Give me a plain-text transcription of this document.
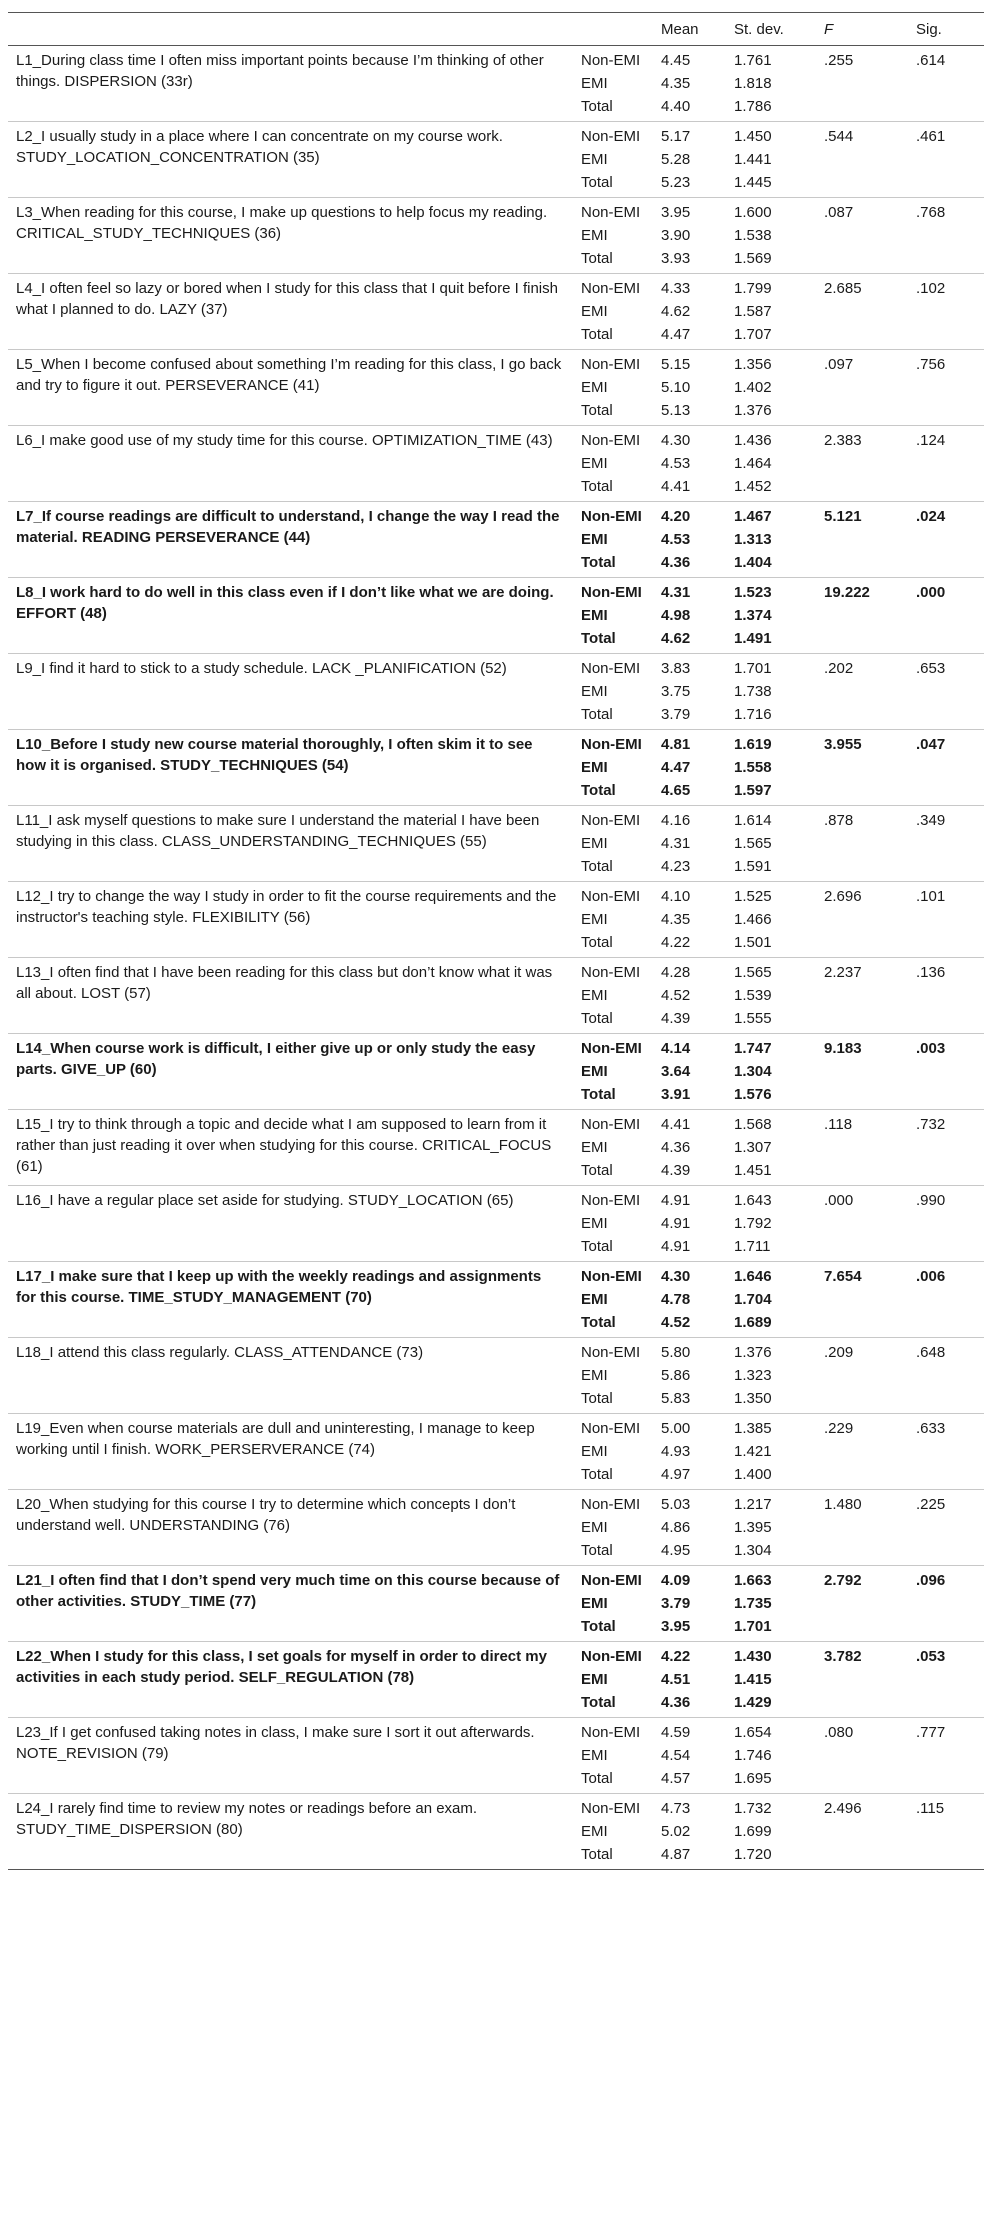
		Mean	St. dev.	F	Sig.
L1_During class time I often miss important points because I’m thinking of other things. DISPERSION (33r)	Non-EMI	4.45	1.761	.255	.614
	EMI	4.35	1.818		
	Total	4.40	1.786		
L2_I usually study in a place where I can concentrate on my course work. STUDY_LOCATION_CONCENTRATION (35)	Non-EMI	5.17	1.450	.544	.461
	EMI	5.28	1.441		
	Total	5.23	1.445		
L3_When reading for this course, I make up questions to help focus my reading. CRITICAL_STUDY_TECHNIQUES (36)	Non-EMI	3.95	1.600	.087	.768
	EMI	3.90	1.538		
	Total	3.93	1.569		
L4_I often feel so lazy or bored when I study for this class that I quit before I finish what I planned to do. LAZY (37)	Non-EMI	4.33	1.799	2.685	.102
	EMI	4.62	1.587		
	Total	4.47	1.707		
L5_When I become confused about something I’m reading for this class, I go back and try to figure it out. PERSEVERANCE (41)	Non-EMI	5.15	1.356	.097	.756
	EMI	5.10	1.402		
	Total	5.13	1.376		
L6_I make good use of my study time for this course. OPTIMIZATION_TIME (43)	Non-EMI	4.30	1.436	2.383	.124
	EMI	4.53	1.464		
	Total	4.41	1.452		
L7_If course readings are difficult to understand, I change the way I read the material. READING PERSEVERANCE (44)	Non-EMI	4.20	1.467	5.121	.024
	EMI	4.53	1.313		
	Total	4.36	1.404		
L8_I work hard to do well in this class even if I don’t like what we are doing. EFFORT (48)	Non-EMI	4.31	1.523	19.222	.000
	EMI	4.98	1.374		
	Total	4.62	1.491		
L9_I find it hard to stick to a study schedule. LACK _PLANIFICATION (52)	Non-EMI	3.83	1.701	.202	.653
	EMI	3.75	1.738		
	Total	3.79	1.716		
L10_Before I study new course material thoroughly, I often skim it to see how it is organised. STUDY_TECHNIQUES (54)	Non-EMI	4.81	1.619	3.955	.047
	EMI	4.47	1.558		
	Total	4.65	1.597		
L11_I ask myself questions to make sure I understand the material I have been studying in this class. CLASS_UNDERSTANDING_TECHNIQUES (55)	Non-EMI	4.16	1.614	.878	.349
	EMI	4.31	1.565		
	Total	4.23	1.591		
L12_I try to change the way I study in order to fit the course requirements and the instructor's teaching style. FLEXIBILITY (56)	Non-EMI	4.10	1.525	2.696	.101
	EMI	4.35	1.466		
	Total	4.22	1.501		
L13_I often find that I have been reading for this class but don’t know what it was all about. LOST (57)	Non-EMI	4.28	1.565	2.237	.136
	EMI	4.52	1.539		
	Total	4.39	1.555		
L14_When course work is difficult, I either give up or only study the easy parts. GIVE_UP (60)	Non-EMI	4.14	1.747	9.183	.003
	EMI	3.64	1.304		
	Total	3.91	1.576		
L15_I try to think through a topic and decide what I am supposed to learn from it rather than just reading it over when studying for this course. CRITICAL_FOCUS (61)	Non-EMI	4.41	1.568	.118	.732
	EMI	4.36	1.307		
	Total	4.39	1.451		
L16_I have a regular place set aside for studying. STUDY_LOCATION (65)	Non-EMI	4.91	1.643	.000	.990
	EMI	4.91	1.792		
	Total	4.91	1.711		
L17_I make sure that I keep up with the weekly readings and assignments for this course. TIME_STUDY_MANAGEMENT (70)	Non-EMI	4.30	1.646	7.654	.006
	EMI	4.78	1.704		
	Total	4.52	1.689		
L18_I attend this class regularly. CLASS_ATTENDANCE (73)	Non-EMI	5.80	1.376	.209	.648
	EMI	5.86	1.323		
	Total	5.83	1.350		
L19_Even when course materials are dull and uninteresting, I manage to keep working until I finish. WORK_PERSERVERANCE (74)	Non-EMI	5.00	1.385	.229	.633
	EMI	4.93	1.421		
	Total	4.97	1.400		
L20_When studying for this course I try to determine which concepts I don’t understand well. UNDERSTANDING (76)	Non-EMI	5.03	1.217	1.480	.225
	EMI	4.86	1.395		
	Total	4.95	1.304		
L21_I often find that I don’t spend very much time on this course because of other activities. STUDY_TIME (77)	Non-EMI	4.09	1.663	2.792	.096
	EMI	3.79	1.735		
	Total	3.95	1.701		
L22_When I study for this class, I set goals for myself in order to direct my activities in each study period. SELF_REGULATION (78)	Non-EMI	4.22	1.430	3.782	.053
	EMI	4.51	1.415		
	Total	4.36	1.429		
L23_If I get confused taking notes in class, I make sure I sort it out afterwards. NOTE_REVISION (79)	Non-EMI	4.59	1.654	.080	.777
	EMI	4.54	1.746		
	Total	4.57	1.695		
L24_I rarely find time to review my notes or readings before an exam. STUDY_TIME_DISPERSION (80)	Non-EMI	4.73	1.732	2.496	.115
	EMI	5.02	1.699		
	Total	4.87	1.720		
